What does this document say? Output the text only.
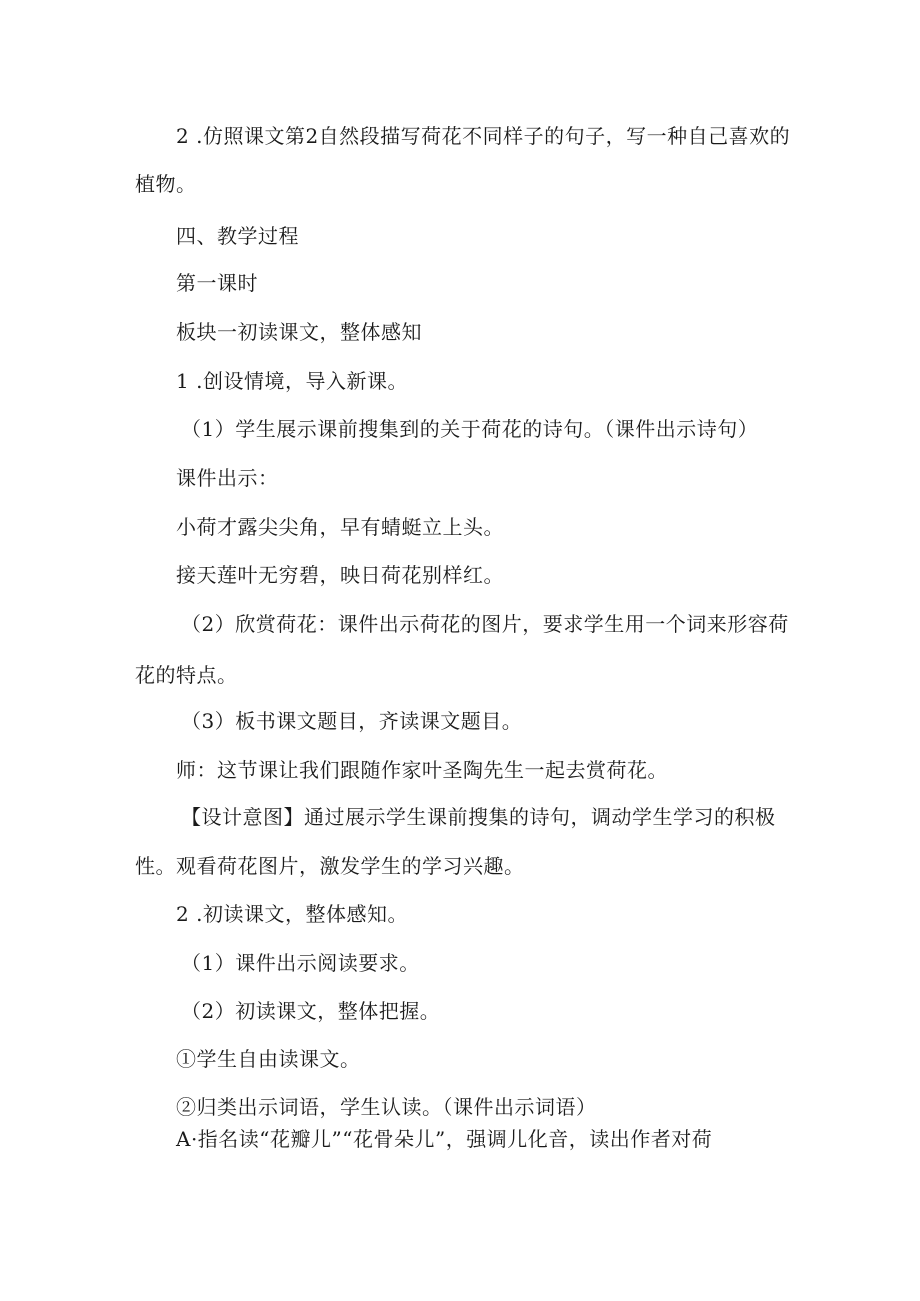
2 .仿照课文第2自然段描写荷花不同样子的句子，写一种自己喜欢的

植物。

四、教学过程

第一课时

板块一初读课文，整体感知

1 .创设情境，导入新课。

（1）学生展示课前搜集到的关于荷花的诗句。（课件出示诗句）

课件出示：

小荷才露尖尖角，早有蜻蜓立上头。

接天莲叶无穷碧，映日荷花别样红。

（2）欣赏荷花：课件出示荷花的图片，要求学生用一个词来形容荷

花的特点。

（3）板书课文题目，齐读课文题目。

师：这节课让我们跟随作家叶圣陶先生一起去赏荷花。

【设计意图】通过展示学生课前搜集的诗句，调动学生学习的积极

性。观看荷花图片，激发学生的学习兴趣。

2 .初读课文，整体感知。

（1）课件出示阅读要求。

（2）初读课文，整体把握。

①学生自由读课文。

②归类出示词语，学生认读。（课件出示词语）

A·指名读“花瓣儿”“花骨朵儿”，强调儿化音，读出作者对荷
